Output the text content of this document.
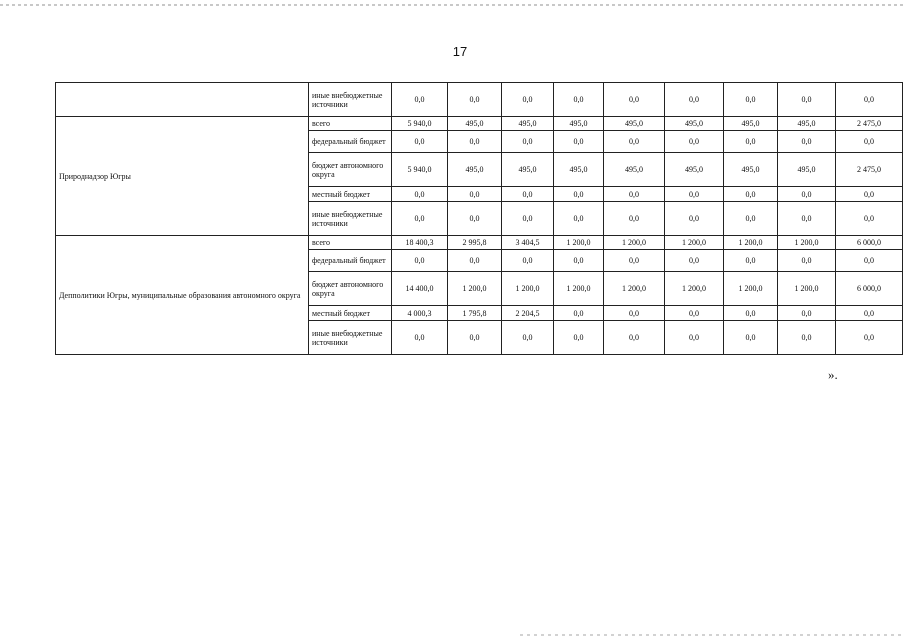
17
	иные внебюджетные источники	0,0	0,0	0,0	0,0	0,0	0,0	0,0	0,0	0,0
Природнадзор Югры	всего	5 940,0	495,0	495,0	495,0	495,0	495,0	495,0	495,0	2 475,0
	федеральный бюджет	0,0	0,0	0,0	0,0	0,0	0,0	0,0	0,0	0,0
	бюджет автономного округа	5 940,0	495,0	495,0	495,0	495,0	495,0	495,0	495,0	2 475,0
	местный бюджет	0,0	0,0	0,0	0,0	0,0	0,0	0,0	0,0	0,0
	иные внебюджетные источники	0,0	0,0	0,0	0,0	0,0	0,0	0,0	0,0	0,0
Депполитики Югры, муниципальные образования автономного округа	всего	18 400,3	2 995,8	3 404,5	1 200,0	1 200,0	1 200,0	1 200,0	1 200,0	6 000,0
	федеральный бюджет	0,0	0,0	0,0	0,0	0,0	0,0	0,0	0,0	0,0
	бюджет автономного округа	14 400,0	1 200,0	1 200,0	1 200,0	1 200,0	1 200,0	1 200,0	1 200,0	6 000,0
	местный бюджет	4 000,3	1 795,8	2 204,5	0,0	0,0	0,0	0,0	0,0	0,0
	иные внебюджетные источники	0,0	0,0	0,0	0,0	0,0	0,0	0,0	0,0	0,0
».
